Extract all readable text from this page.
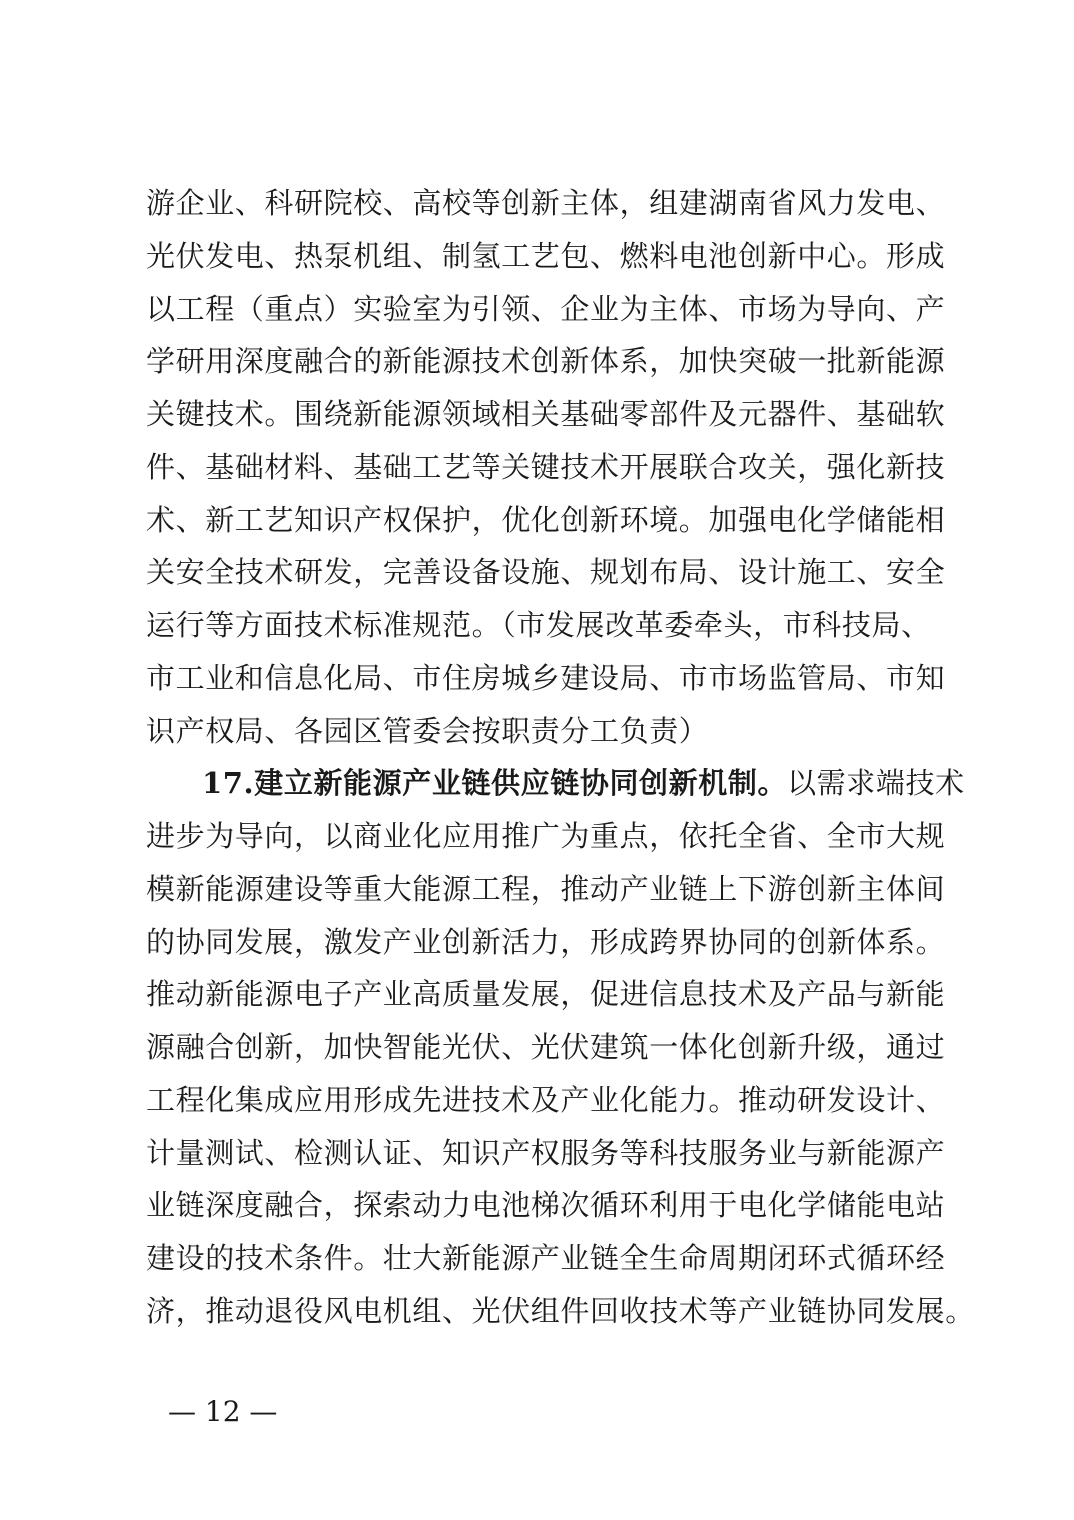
游企业、科研院校、高校等创新主体，组建湖南省风力发电、
光伏发电、热泵机组、制氢工艺包、燃料电池创新中心。形成
以工程（重点）实验室为引领、企业为主体、市场为导向、产
学研用深度融合的新能源技术创新体系，加快突破一批新能源
关键技术。围绕新能源领域相关基础零部件及元器件、基础软
件、基础材料、基础工艺等关键技术开展联合攻关，强化新技
术、新工艺知识产权保护，优化创新环境。加强电化学储能相
关安全技术研发，完善设备设施、规划布局、设计施工、安全
运行等方面技术标准规范。（市发展改革委牵头，市科技局、
市工业和信息化局、市住房城乡建设局、市市场监管局、市知
识产权局、各园区管委会按职责分工负责）
17.建立新能源产业链供应链协同创新机制。以需求端技术
进步为导向，以商业化应用推广为重点，依托全省、全市大规
模新能源建设等重大能源工程，推动产业链上下游创新主体间
的协同发展，激发产业创新活力，形成跨界协同的创新体系。
推动新能源电子产业高质量发展，促进信息技术及产品与新能
源融合创新，加快智能光伏、光伏建筑一体化创新升级，通过
工程化集成应用形成先进技术及产业化能力。推动研发设计、
计量测试、检测认证、知识产权服务等科技服务业与新能源产
业链深度融合，探索动力电池梯次循环利用于电化学储能电站
建设的技术条件。壮大新能源产业链全生命周期闭环式循环经
济，推动退役风电机组、光伏组件回收技术等产业链协同发展。
— 12 —
